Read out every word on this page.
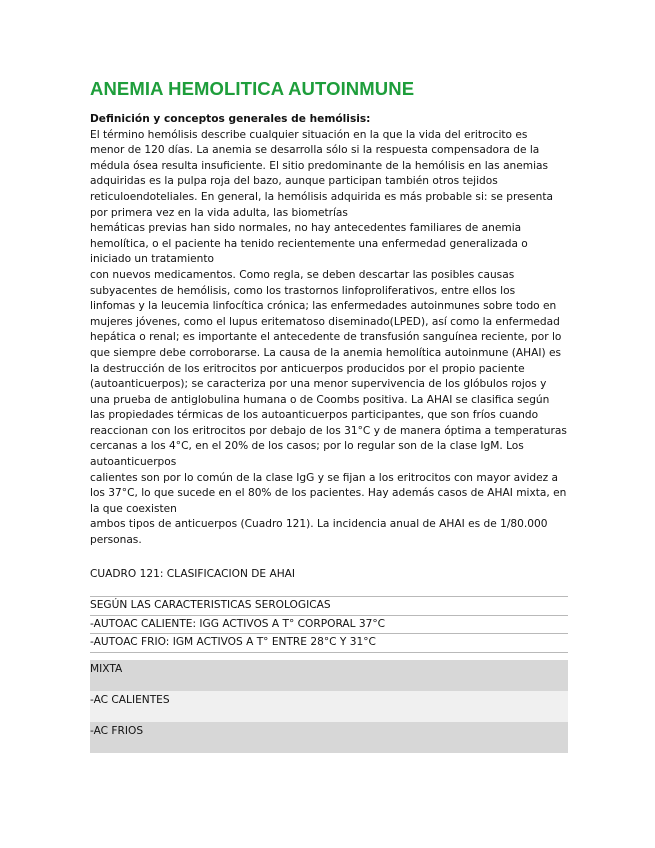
ANEMIA HEMOLITICA AUTOINMUNE

Definición y conceptos generales de hemólisis:

El término hemólisis describe cualquier situación en la que la vida del eritrocito es
menor de 120 días. La anemia se desarrolla sólo si la respuesta compensadora de la
médula ósea resulta insuficiente. El sitio predominante de la hemólisis en las anemias
adquiridas es la pulpa roja del bazo, aunque participan también otros tejidos
reticuloendoteliales. En general, la hemólisis adquirida es más probable si: se presenta
por primera vez en la vida adulta, las biometrías
hemáticas previas han sido normales, no hay antecedentes familiares de anemia
hemolítica, o el paciente ha tenido recientemente una enfermedad generalizada o
iniciado un tratamiento
con nuevos medicamentos. Como regla, se deben descartar las posibles causas
subyacentes de hemólisis, como los trastornos linfoproliferativos, entre ellos los
linfomas y la leucemia linfocítica crónica; las enfermedades autoinmunes sobre todo en
mujeres jóvenes, como el lupus eritematoso diseminado(LPED), así como la enfermedad
hepática o renal; es importante el antecedente de transfusión sanguínea reciente, por lo
que siempre debe corroborarse. La causa de la anemia hemolítica autoinmune (AHAI) es
la destrucción de los eritrocitos por anticuerpos producidos por el propio paciente
(autoanticuerpos); se caracteriza por una menor supervivencia de los glóbulos rojos y
una prueba de antiglobulina humana o de Coombs positiva. La AHAI se clasifica según
las propiedades térmicas de los autoanticuerpos participantes, que son fríos cuando
reaccionan con los eritrocitos por debajo de los 31°C y de manera óptima a temperaturas
cercanas a los 4°C, en el 20% de los casos; por lo regular son de la clase IgM. Los
autoanticuerpos
calientes son por lo común de la clase IgG y se fijan a los eritrocitos con mayor avidez a
los 37°C, lo que sucede en el 80% de los pacientes. Hay además casos de AHAI mixta, en
la que coexisten
ambos tipos de anticuerpos (Cuadro 121). La incidencia anual de AHAI es de 1/80.000
personas.
CUADRO 121: CLASIFICACION DE AHAI
SEGÚN LAS CARACTERISTICAS SEROLOGICAS
-AUTOAC CALIENTE: IGG ACTIVOS A T° CORPORAL 37°C
-AUTOAC FRIO: IGM ACTIVOS A T° ENTRE 28°C Y 31°C
MIXTA
-AC CALIENTES
-AC FRIOS
